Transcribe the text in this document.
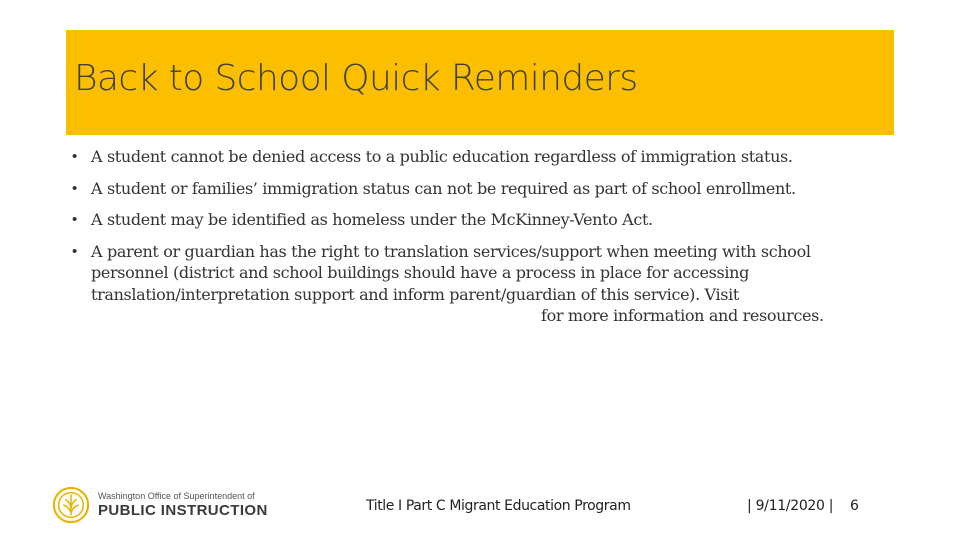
Back to School Quick Reminders
• A student cannot be denied access to a public education regardless of immigration status.
• A student or families’ immigration status can not be required as part of school enrollment.
• A student may be identified as homeless under the McKinney-Vento Act.
• A parent or guardian has the right to translation services/support when meeting with school personnel (district and school buildings should have a process in place for accessing translation/interpretation support and inform parent/guardian of this service). Visitfor more information and resources.
Washington Office of Superintendent of
PUBLIC INSTRUCTION	Title I Part C Migrant Education Program	| 9/11/2020 | 6
